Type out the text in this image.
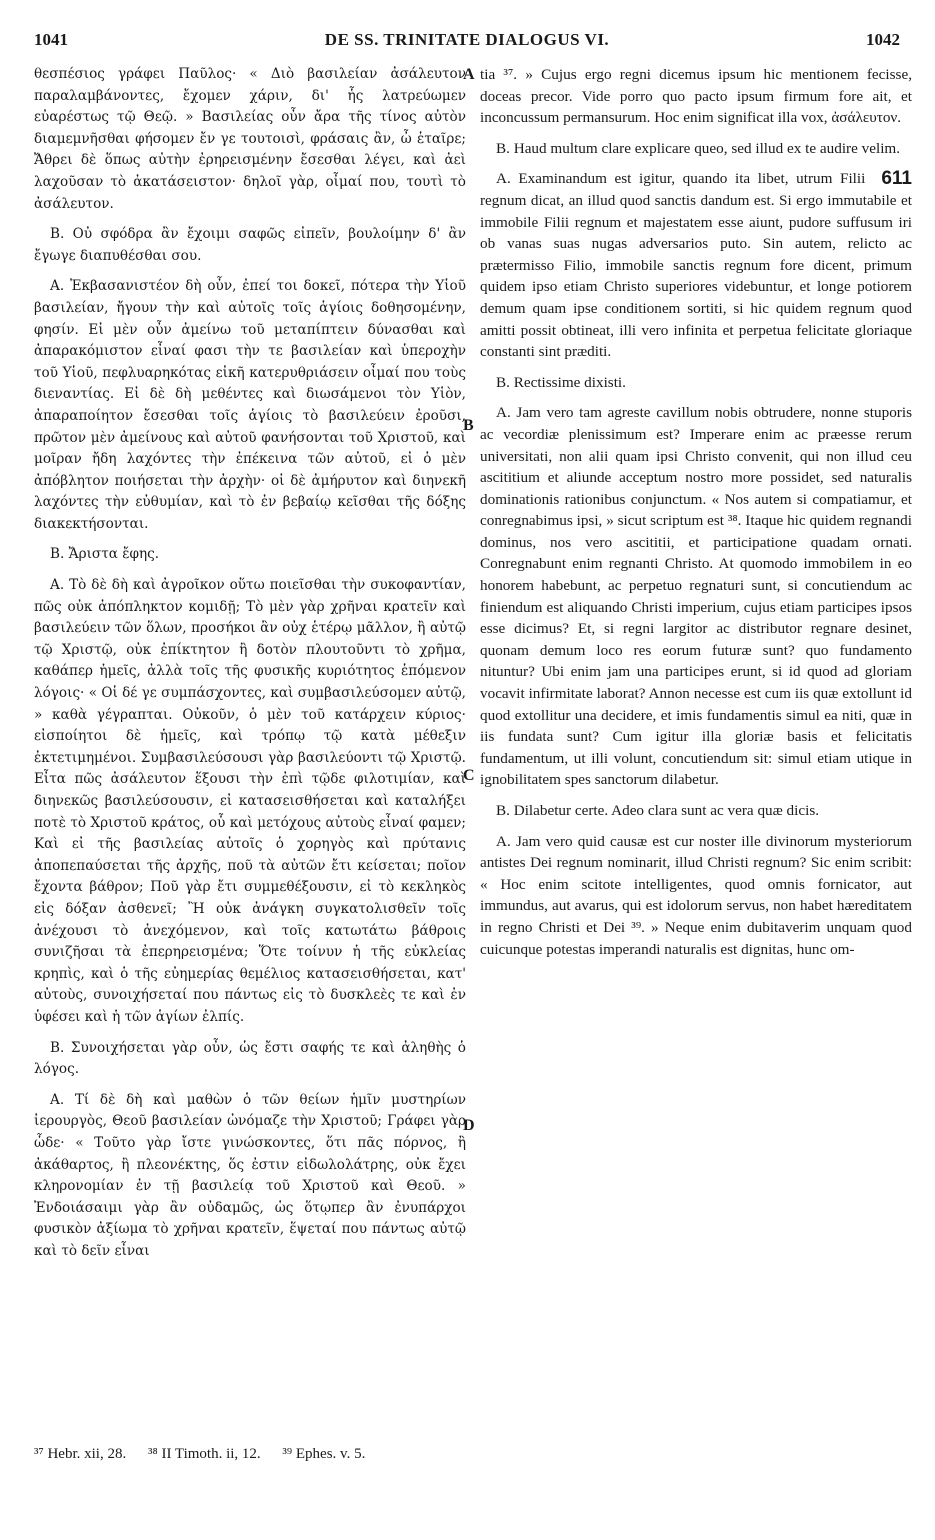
1041	DE SS. TRINITATE DIALOGUS VI.	1042
A
B
C
D

θεσπέσιος γράφει Παῦλος· « Διὸ βασιλείαν ἀσάλευτον παραλαμβάνοντες, ἔχομεν χάριν, δι' ἧς λατρεύωμεν εὐαρέστως τῷ Θεῷ. » Βασιλείας οὖν ἄρα τῆς τίνος αὐτὸν διαμεμνῆσθαι φήσομεν ἔν γε τουτοισὶ, φράσαις ἂν, ὦ ἑταῖρε; Ἄθρει δὲ ὅπως αὐτὴν ἐρηρεισμένην ἔσεσθαι λέγει, καὶ ἀεὶ λαχοῦσαν τὸ ἀκατάσειστον· δηλοῖ γὰρ, οἶμαί που, τουτὶ τὸ ἀσάλευτον.

B. Οὐ σφόδρα ἂν ἔχοιμι σαφῶς εἰπεῖν, βουλοίμην δ' ἂν ἔγωγε διαπυθέσθαι σου.

A. Ἐκβασανιστέον δὴ οὖν, ἐπεί τοι δοκεῖ, πότερα τὴν Υἱοῦ βασιλείαν, ἤγουν τὴν καὶ αὐτοῖς τοῖς ἁγίοις δοθησομένην, φησίν. Εἰ μὲν οὖν ἀμείνω τοῦ μεταπίπτειν δύνασθαι καὶ ἀπαρακόμιστον εἶναί φασι τὴν τε βασιλείαν καὶ ὑπεροχὴν τοῦ Υἱοῦ, πεφλυαρηκότας εἰκῆ κατερυθριάσειν οἶμαί που τοὺς διεναντίας. Εἰ δὲ δὴ μεθέντες καὶ διωσάμενοι τὸν Υἱὸν, ἀπαραποίητον ἔσεσθαι τοῖς ἁγίοις τὸ βασιλεύειν ἐροῦσι, πρῶτον μὲν ἀμείνους καὶ αὐτοῦ φανήσονται τοῦ Χριστοῦ, καὶ μοῖραν ἤδη λαχόντες τὴν ἐπέκεινα τῶν αὐτοῦ, εἰ ὁ μὲν ἀπόβλητον ποιήσεται τὴν ἀρχὴν· οἱ δὲ ἀμήρυτον καὶ διηνεκῆ λαχόντες τὴν εὐθυμίαν, καὶ τὸ ἐν βεβαίῳ κεῖσθαι τῆς δόξης διακεκτήσονται.

B. Ἄριστα ἔφης.

A. Τὸ δὲ δὴ καὶ ἀγροῖκον οὕτω ποιεῖσθαι τὴν συκοφαντίαν, πῶς οὐκ ἀπόπληκτον κομιδῇ; Τὸ μὲν γὰρ χρῆναι κρατεῖν καὶ βασιλεύειν τῶν ὅλων, προσήκοι ἂν οὐχ ἑτέρῳ μᾶλλον, ἢ αὐτῷ τῷ Χριστῷ, οὐκ ἐπίκτητον ἢ δοτὸν πλουτοῦντι τὸ χρῆμα, καθάπερ ἡμεῖς, ἀλλὰ τοῖς τῆς φυσικῆς κυριότητος ἑπόμενον λόγοις· « Οἱ δέ γε συμπάσχοντες, καὶ συμβασιλεύσομεν αὐτῷ, » καθὰ γέγραπται. Οὐκοῦν, ὁ μὲν τοῦ κατάρχειν κύριος· εἰσποίητοι δὲ ἡμεῖς, καὶ τρόπῳ τῷ κατὰ μέθεξιν ἐκτετιμημένοι. Συμβασιλεύσουσι γὰρ βασιλεύοντι τῷ Χριστῷ. Εἶτα πῶς ἀσάλευτον ἕξουσι τὴν ἐπὶ τῷδε φιλοτιμίαν, καὶ διηνεκῶς βασιλεύσουσιν, εἰ κατασεισθήσεται καὶ καταλήξει ποτὲ τὸ Χριστοῦ κράτος, οὗ καὶ μετόχους αὐτοὺς εἶναί φαμεν; Καὶ εἰ τῆς βασιλείας αὐτοῖς ὁ χορηγὸς καὶ πρύτανις ἀποπεπαύσεται τῆς ἀρχῆς, ποῦ τὰ αὐτῶν ἔτι κείσεται; ποῖον ἔχοντα βάθρον; Ποῦ γὰρ ἔτι συμμεθέξουσιν, εἰ τὸ κεκληκὸς εἰς δόξαν ἀσθενεῖ; Ἢ οὐκ ἀνάγκη συγκατολισθεῖν τοῖς ἀνέχουσι τὸ ἀνεχόμενον, καὶ τοῖς κατωτάτω βάθροις συνιζῆσαι τὰ ἐπερηρεισμένα; Ὅτε τοίνυν ἡ τῆς εὐκλείας κρηπὶς, καὶ ὁ τῆς εὐημερίας θεμέλιος κατασεισθήσεται, κατ' αὐτοὺς, συνοιχήσεταί που πάντως εἰς τὸ δυσκλεὲς τε καὶ ἐν ὑφέσει καὶ ἡ τῶν ἁγίων ἐλπίς.

B. Συνοιχήσεται γὰρ οὖν, ὡς ἔστι σαφής τε καὶ ἀληθὴς ὁ λόγος.

A. Τί δὲ δὴ καὶ μαθὼν ὁ τῶν θείων ἡμῖν μυστηρίων ἱερουργὸς, Θεοῦ βασιλείαν ὠνόμαζε τὴν Χριστοῦ; Γράφει γὰρ ὧδε· « Τοῦτο γὰρ ἴστε γινώσκοντες, ὅτι πᾶς πόρνος, ἢ ἀκάθαρτος, ἢ πλεονέκτης, ὅς ἐστιν εἰδωλολάτρης, οὐκ ἔχει κληρονομίαν ἐν τῇ βασιλείᾳ τοῦ Χριστοῦ καὶ Θεοῦ. » Ἐνδοιάσαιμι γὰρ ἂν οὐδαμῶς, ὡς ὅτῳπερ ἂν ἐνυπάρχοι φυσικὸν ἀξίωμα τὸ χρῆναι κρατεῖν, ἕψεταί που πάντως αὐτῷ καὶ τὸ δεῖν εἶναι

tia ³⁷. » Cujus ergo regni dicemus ipsum hic mentionem fecisse, doceas precor. Vide porro quo pacto ipsum firmum fore ait, et inconcussum permansurum. Hoc enim significat illa vox, ἀσάλευτον.

B. Haud multum clare explicare queo, sed illud ex te audire velim.

611
A. Examinandum est igitur, quando ita libet, utrum Filii regnum dicat, an illud quod sanctis dandum est. Si ergo immutabile et immobile Filii regnum et majestatem esse aiunt, pudore suffusum iri ob vanas suas nugas adversarios puto. Sin autem, relicto ac prætermisso Filio, immobile sanctis regnum fore dicent, primum quidem ipso etiam Christo superiores videbuntur, et longe potiorem demum quam ipse conditionem sortiti, si hic quidem regnum quod amitti possit obtineat, illi vero infinita et perpetua felicitate gloriaque constanti sint præditi.

B. Rectissime dixisti.

A. Jam vero tam agreste cavillum nobis obtrudere, nonne stuporis ac vecordiæ plenissimum est? Imperare enim ac præesse rerum universitati, non alii quam ipsi Christo convenit, qui non illud ceu ascititium et aliunde acceptum nostro more possidet, sed naturalis dominationis rationibus conjunctum. « Nos autem si compatiamur, et conregnabimus ipsi, » sicut scriptum est ³⁸. Itaque hic quidem regnandi dominus, nos vero ascititii, et participatione quadam ornati. Conregnabunt enim regnanti Christo. At quomodo immobilem in eo honorem habebunt, ac perpetuo regnaturi sunt, si concutiendum ac finiendum est aliquando Christi imperium, cujus etiam participes ipsos esse dicimus? Et, si regni largitor ac distributor regnare desinet, quonam demum loco res eorum futuræ sunt? quo fundamento nituntur? Ubi enim jam una participes erunt, si id quod ad gloriam vocavit infirmitate laborat? Annon necesse est cum iis quæ extollunt id quod extollitur una decidere, et imis fundamentis simul ea niti, quæ in iis fundata sunt? Cum igitur illa gloriæ basis et felicitatis fundamentum, ut illi volunt, concutiendum sit: simul etiam utique in ignobilitatem spes sanctorum dilabetur.

B. Dilabetur certe. Adeo clara sunt ac vera quæ dicis.

A. Jam vero quid causæ est cur noster ille divinorum mysteriorum antistes Dei regnum nominarit, illud Christi regnum? Sic enim scribit: « Hoc enim scitote intelligentes, quod omnis fornicator, aut immundus, aut avarus, qui est idolorum servus, non habet hæreditatem in regno Christi et Dei ³⁹. » Neque enim dubitaverim unquam quod cuicunque potestas imperandi naturalis est dignitas, hunc om-

³⁷ Hebr. xii, 28. ³⁸ II Timoth. ii, 12. ³⁹ Ephes. v. 5.
